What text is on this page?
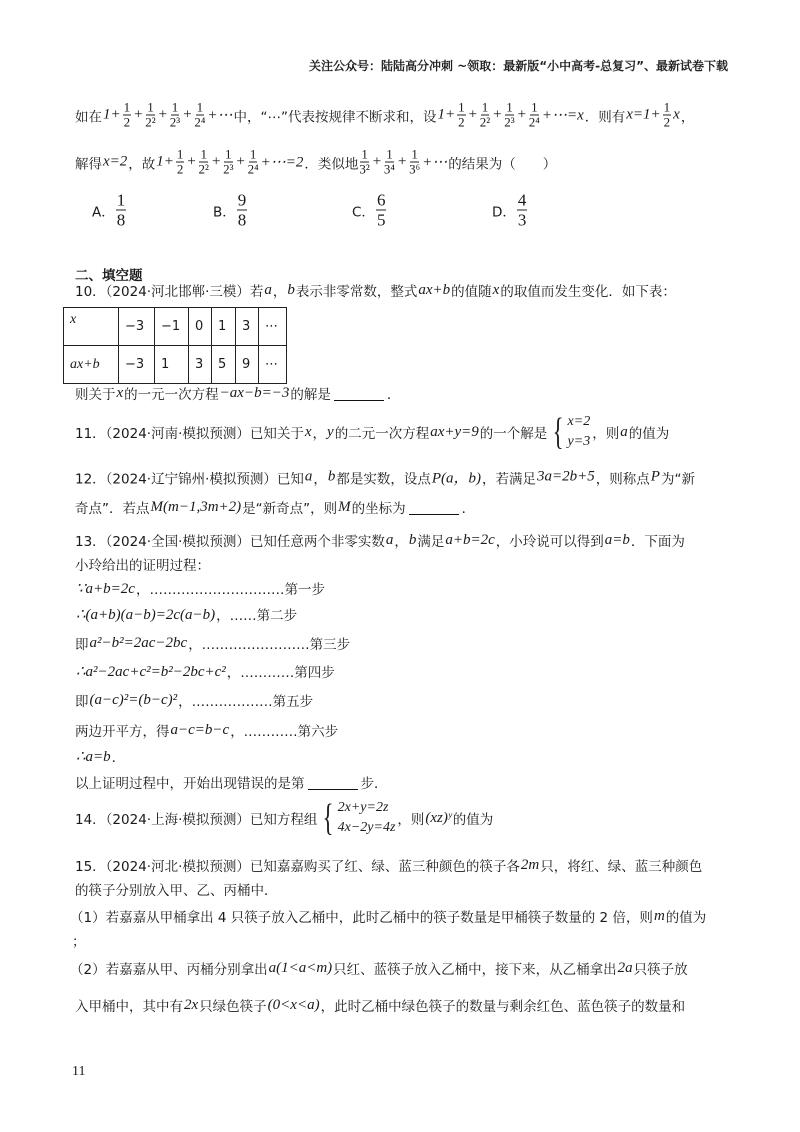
关注公众号：陆陆高分冲刺 ~领取：最新版“小中高考-总复习”、最新试卷下载
如在 $1+ \frac{1}{2} + \frac{1}{\text{2²}} + \frac{1}{\text{2³}} + \frac{1}{\text{2⁴}}$ +⋯ 中，“⋯”代表按规律不断求和，设 $1+ \frac{1}{2} + \frac{1}{\text{2²}} + \frac{1}{\text{2³}} + \frac{1}{\text{2⁴}}$ +⋯=x ．则有 $x=1+ \frac{1}{2}$ x ，
解得 x=2 ，故 $1+ \frac{1}{2} + \frac{1}{\text{2²}} + \frac{1}{\text{2³}} + \frac{1}{\text{2⁴}}$ +⋯=2 ．类似地 $\frac{1}{\text{3²}} + \frac{1}{\text{3⁴}} + \frac{1}{\text{3⁶}}$ +⋯ 的结果为（　　）
A． $\frac{1}{8}$	B． $\frac{9}{8}$	C． $\frac{6}{5}$	D． $\frac{4}{3}$
二、填空题
10．（2024·河北邯郸·三模）若 a ， b 表示非零常数，整式 ax+b 的值随 x 的取值而发生变化．如下表：
x	−3	−1	0	1	3	⋯
ax+b	−3	1	3	5	9	⋯
则关于 x 的一元一次方程 −ax−b=−3 的解是	．
11．（2024·河南·模拟预测）已知关于 x ， y 的二元一次方程 ax+y=9 的一个解是 { x=2
y=3 ，则 a 的值为
12．（2024·辽宁锦州·模拟预测）已知 a ， b 都是实数，设点 P(a，b) ，若满足 3a=2b+5 ，则称点 P 为“新
奇点”．若点 M(m−1,3m+2) 是“新奇点”，则 M 的坐标为	．
13．（2024·全国·模拟预测）已知任意两个非零实数 a ， b 满足 a+b=2c ，小玲说可以得到 a=b ．下面为
小玲给出的证明过程：
∵a+b=2c ，…………………………第一步
∴(a+b)(a−b)=2c(a−b) ，……第二步
即 a²−b²=2ac−2bc ，……………………第三步
∴a²−2ac+c²=b²−2bc+c² ，…………第四步
即 (a−c)²=(b−c)² ，………………第五步
两边开平方，得 a−c=b−c ，…………第六步
∴a=b ．
以上证明过程中，开始出现错误的是第	步．
14．（2024·上海·模拟预测）已知方程组 { 2x+y=2z
4x−2y=4z ，则 (xz)ʸ 的值为
15．（2024·河北·模拟预测）已知嘉嘉购买了红、绿、蓝三种颜色的筷子各 2m 只，将红、绿、蓝三种颜色
的筷子分别放入甲、乙、丙桶中．
（1）若嘉嘉从甲桶拿出 4 只筷子放入乙桶中，此时乙桶中的筷子数量是甲桶筷子数量的 2 倍，则 m 的值为
；
（2）若嘉嘉从甲、丙桶分别拿出 a(1<a<m) 只红、蓝筷子放入乙桶中，接下来，从乙桶拿出 2a 只筷子放
入甲桶中，其中有 2x 只绿色筷子 (0<x<a) ，此时乙桶中绿色筷子的数量与剩余红色、蓝色筷子的数量和
11
